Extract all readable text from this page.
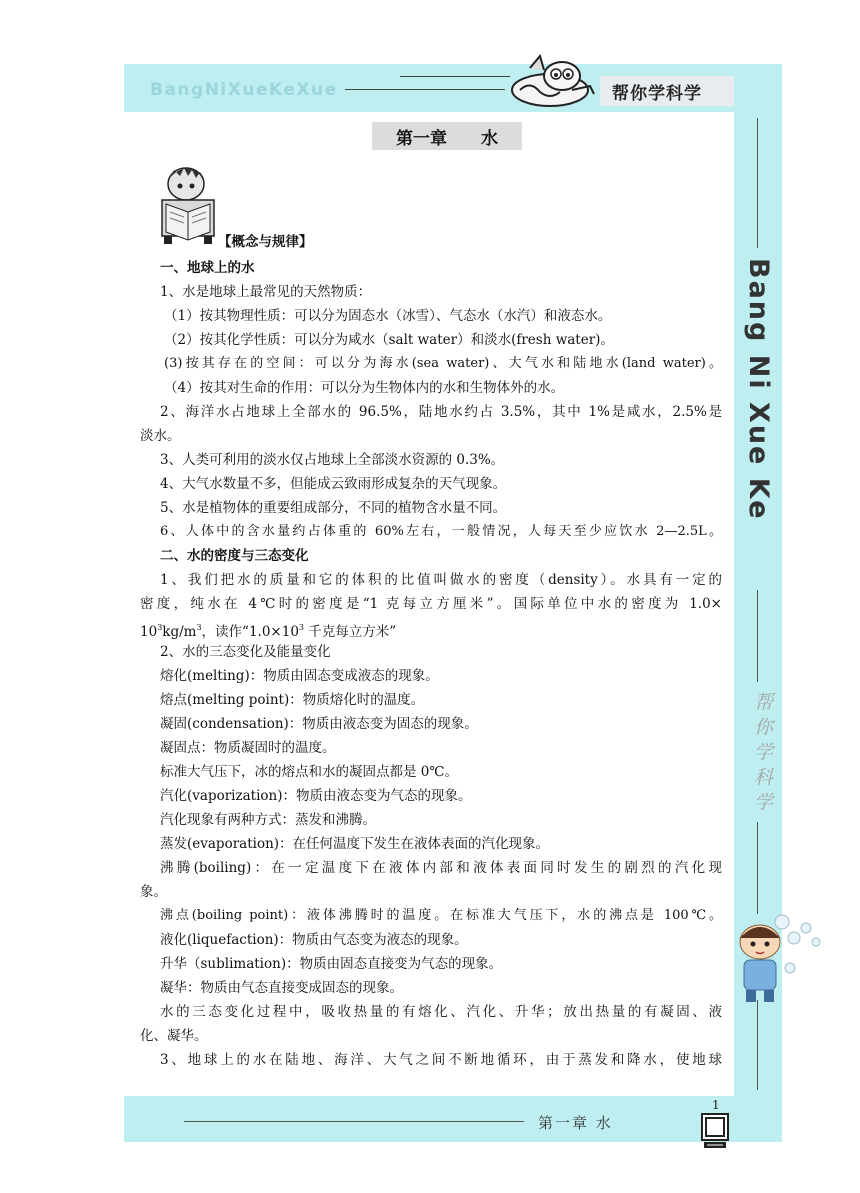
BangNiXueKeXue	帮你学科学
Bang Ni Xue Ke
帮你学科学
第一章 水
1
第一章　　水
【概念与规律】
一、地球上的水
1、水是地球上最常见的天然物质：
（1）按其物理性质：可以分为固态水（冰雪）、气态水（水汽）和液态水。
（2）按其化学性质：可以分为咸水（salt water）和淡水(fresh water)。
(3)按其存在的空间：可以分为海水(sea water)、大气水和陆地水(land water)。
（4）按其对生命的作用：可以分为生物体内的水和生物体外的水。
2、海洋水占地球上全部水的 96.5%，陆地水约占 3.5%，其中 1%是咸水，2.5%是
淡水。
3、人类可利用的淡水仅占地球上全部淡水资源的 0.3%。
4、大气水数量不多，但能成云致雨形成复杂的天气现象。
5、水是植物体的重要组成部分，不同的植物含水量不同。
6、人体中的含水量约占体重的 60%左右，一般情况，人每天至少应饮水 2—2.5L。
二、水的密度与三态变化
1、我们把水的质量和它的体积的比值叫做水的密度（density）。水具有一定的
密度，纯水在 4℃时的密度是“1 克每立方厘米”。国际单位中水的密度为 1.0×
$10^3kg/m^3$，读作“$1.0\times 10^3$ 千克每立方米”
2、水的三态变化及能量变化
熔化(melting)：物质由固态变成液态的现象。
熔点(melting point)：物质熔化时的温度。
凝固(condensation)：物质由液态变为固态的现象。
凝固点：物质凝固时的温度。
标准大气压下，冰的熔点和水的凝固点都是 0℃。
汽化(vaporization)：物质由液态变为气态的现象。
汽化现象有两种方式：蒸发和沸腾。
蒸发(evaporation)：在任何温度下发生在液体表面的汽化现象。
沸腾(boiling)：在一定温度下在液体内部和液体表面同时发生的剧烈的汽化现
象。
沸点(boiling point)：液体沸腾时的温度。在标准大气压下，水的沸点是 100℃。
液化(liquefaction)：物质由气态变为液态的现象。
升华（sublimation)：物质由固态直接变为气态的现象。
凝华：物质由气态直接变成固态的现象。
水的三态变化过程中，吸收热量的有熔化、汽化、升华；放出热量的有凝固、液
化、凝华。
3、地球上的水在陆地、海洋、大气之间不断地循环，由于蒸发和降水，使地球
